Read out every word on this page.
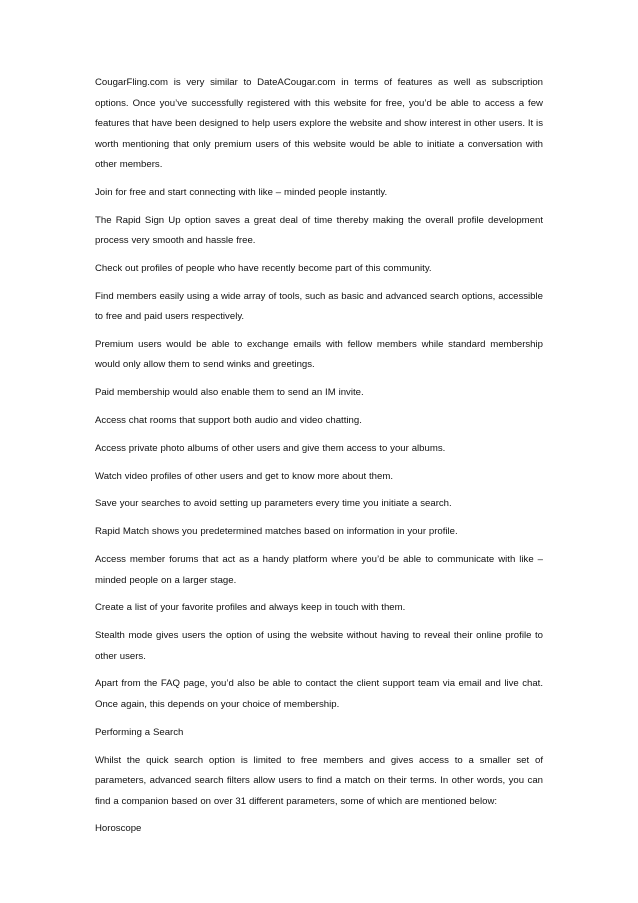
CougarFling.com is very similar to DateACougar.com in terms of features as well as subscription options. Once you’ve successfully registered with this website for free, you’d be able to access a few features that have been designed to help users explore the website and show interest in other users. It is worth mentioning that only premium users of this website would be able to initiate a conversation with other members.

Join for free and start connecting with like – minded people instantly.

The Rapid Sign Up option saves a great deal of time thereby making the overall profile development process very smooth and hassle free.

Check out profiles of people who have recently become part of this community.

Find members easily using a wide array of tools, such as basic and advanced search options, accessible to free and paid users respectively.

Premium users would be able to exchange emails with fellow members while standard membership would only allow them to send winks and greetings.

Paid membership would also enable them to send an IM invite.

Access chat rooms that support both audio and video chatting.

Access private photo albums of other users and give them access to your albums.

Watch video profiles of other users and get to know more about them.

Save your searches to avoid setting up parameters every time you initiate a search.

Rapid Match shows you predetermined matches based on information in your profile.

Access member forums that act as a handy platform where you’d be able to communicate with like – minded people on a larger stage.

Create a list of your favorite profiles and always keep in touch with them.

Stealth mode gives users the option of using the website without having to reveal their online profile to other users.

Apart from the FAQ page, you’d also be able to contact the client support team via email and live chat. Once again, this depends on your choice of membership.

Performing a Search

Whilst the quick search option is limited to free members and gives access to a smaller set of parameters, advanced search filters allow users to find a match on their terms. In other words, you can find a companion based on over 31 different parameters, some of which are mentioned below:

Horoscope
